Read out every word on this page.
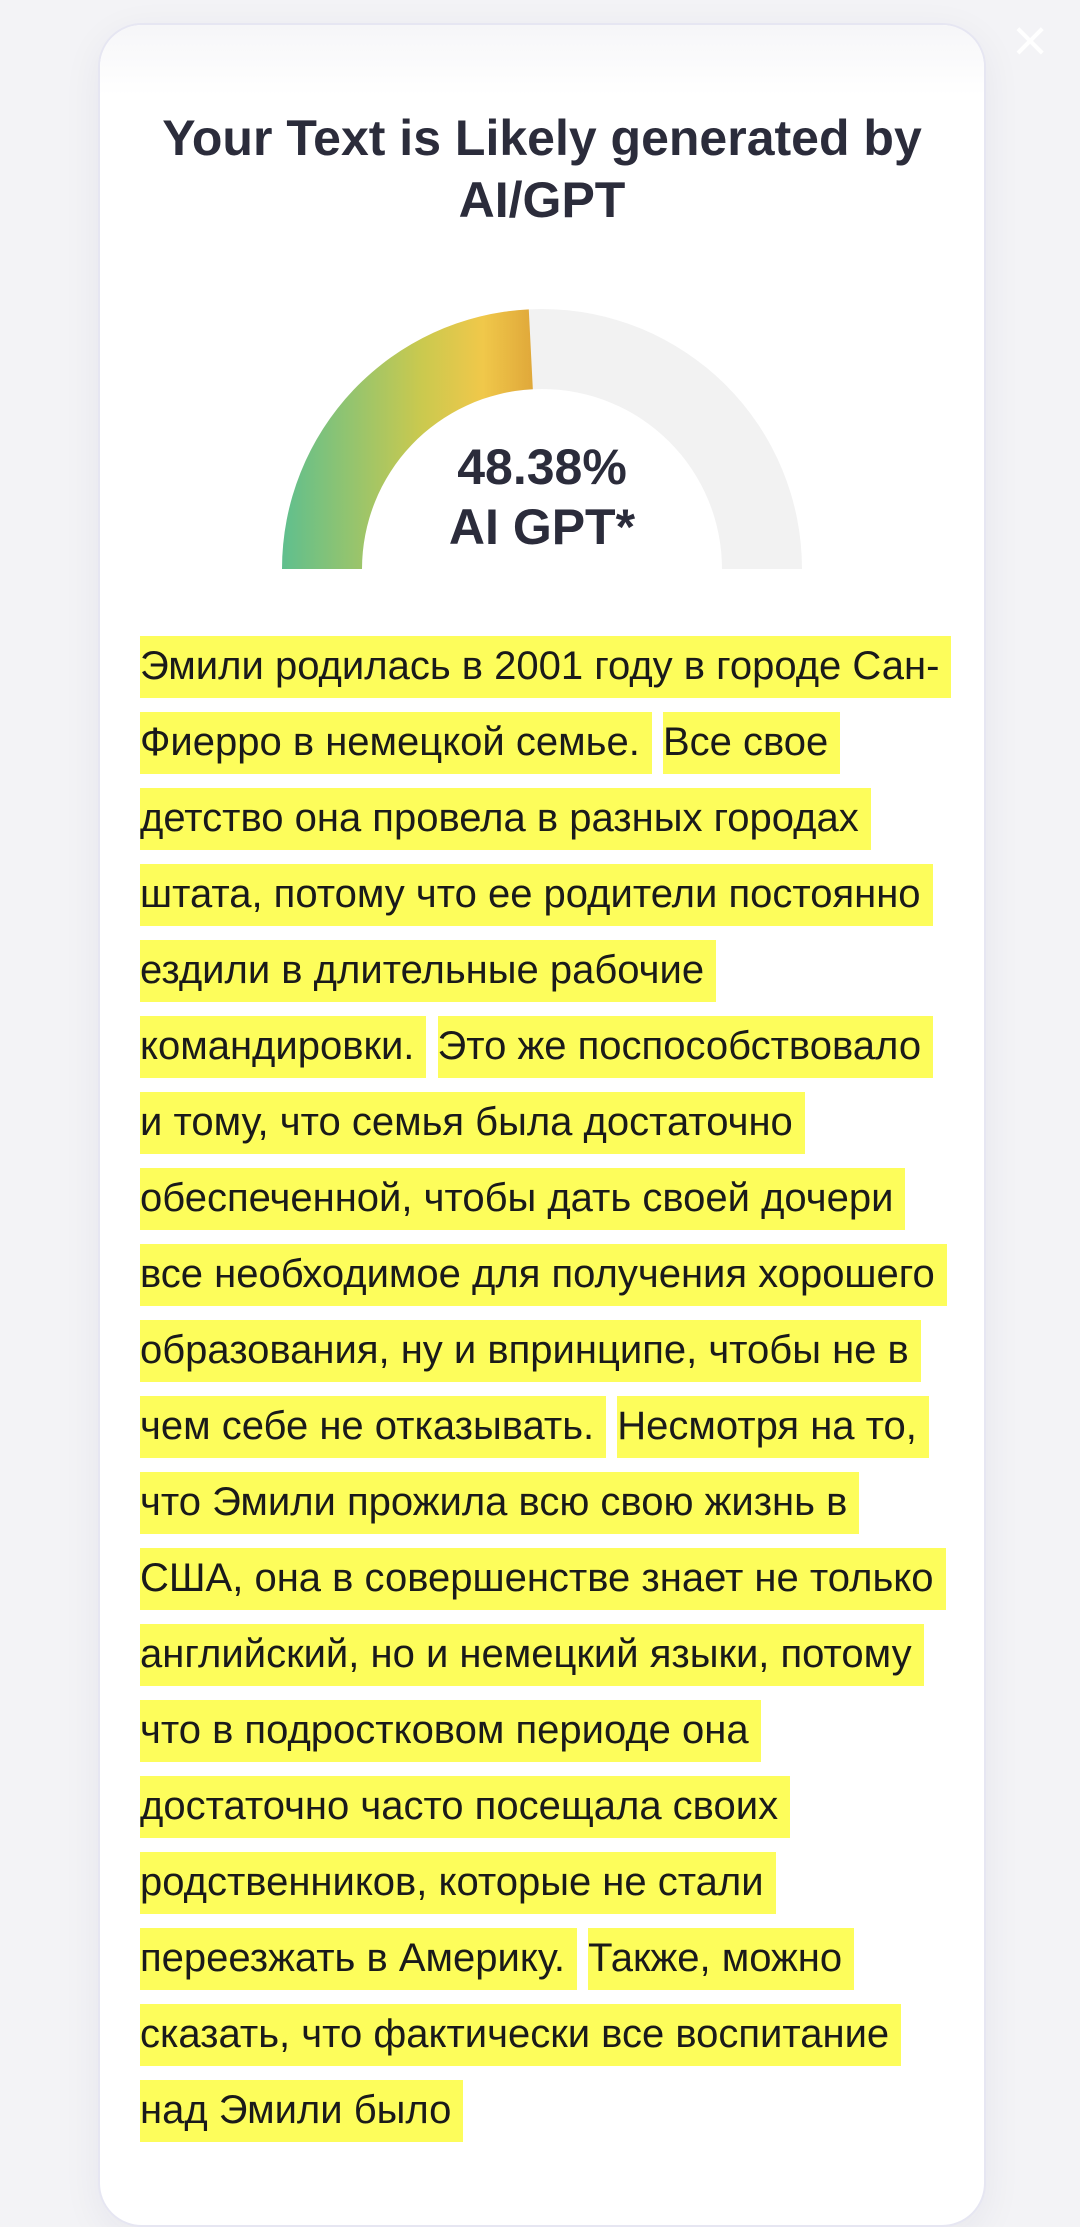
×
Your Text is Likely generated by AI/GPT
48.38%
AI GPT*
Эмили родилась в 2001 году в городе Сан-Фиерро в немецкой семье. Все свое детство она провела в разных городах штата, потому что ее родители постоянно ездили в длительные рабочие командировки. Это же поспособствовало и тому, что семья была достаточно обеспеченной, чтобы дать своей дочери все необходимое для получения хорошего образования, ну и впринципе, чтобы не в чем себе не отказывать. Несмотря на то, что Эмили прожила всю свою жизнь в США, она в совершенстве знает не только английский, но и немецкий языки, потому что в подростковом периоде она достаточно часто посещала своих родственников, которые не стали переезжать в Америку. Также, можно сказать, что фактически все воспитание над Эмили было
